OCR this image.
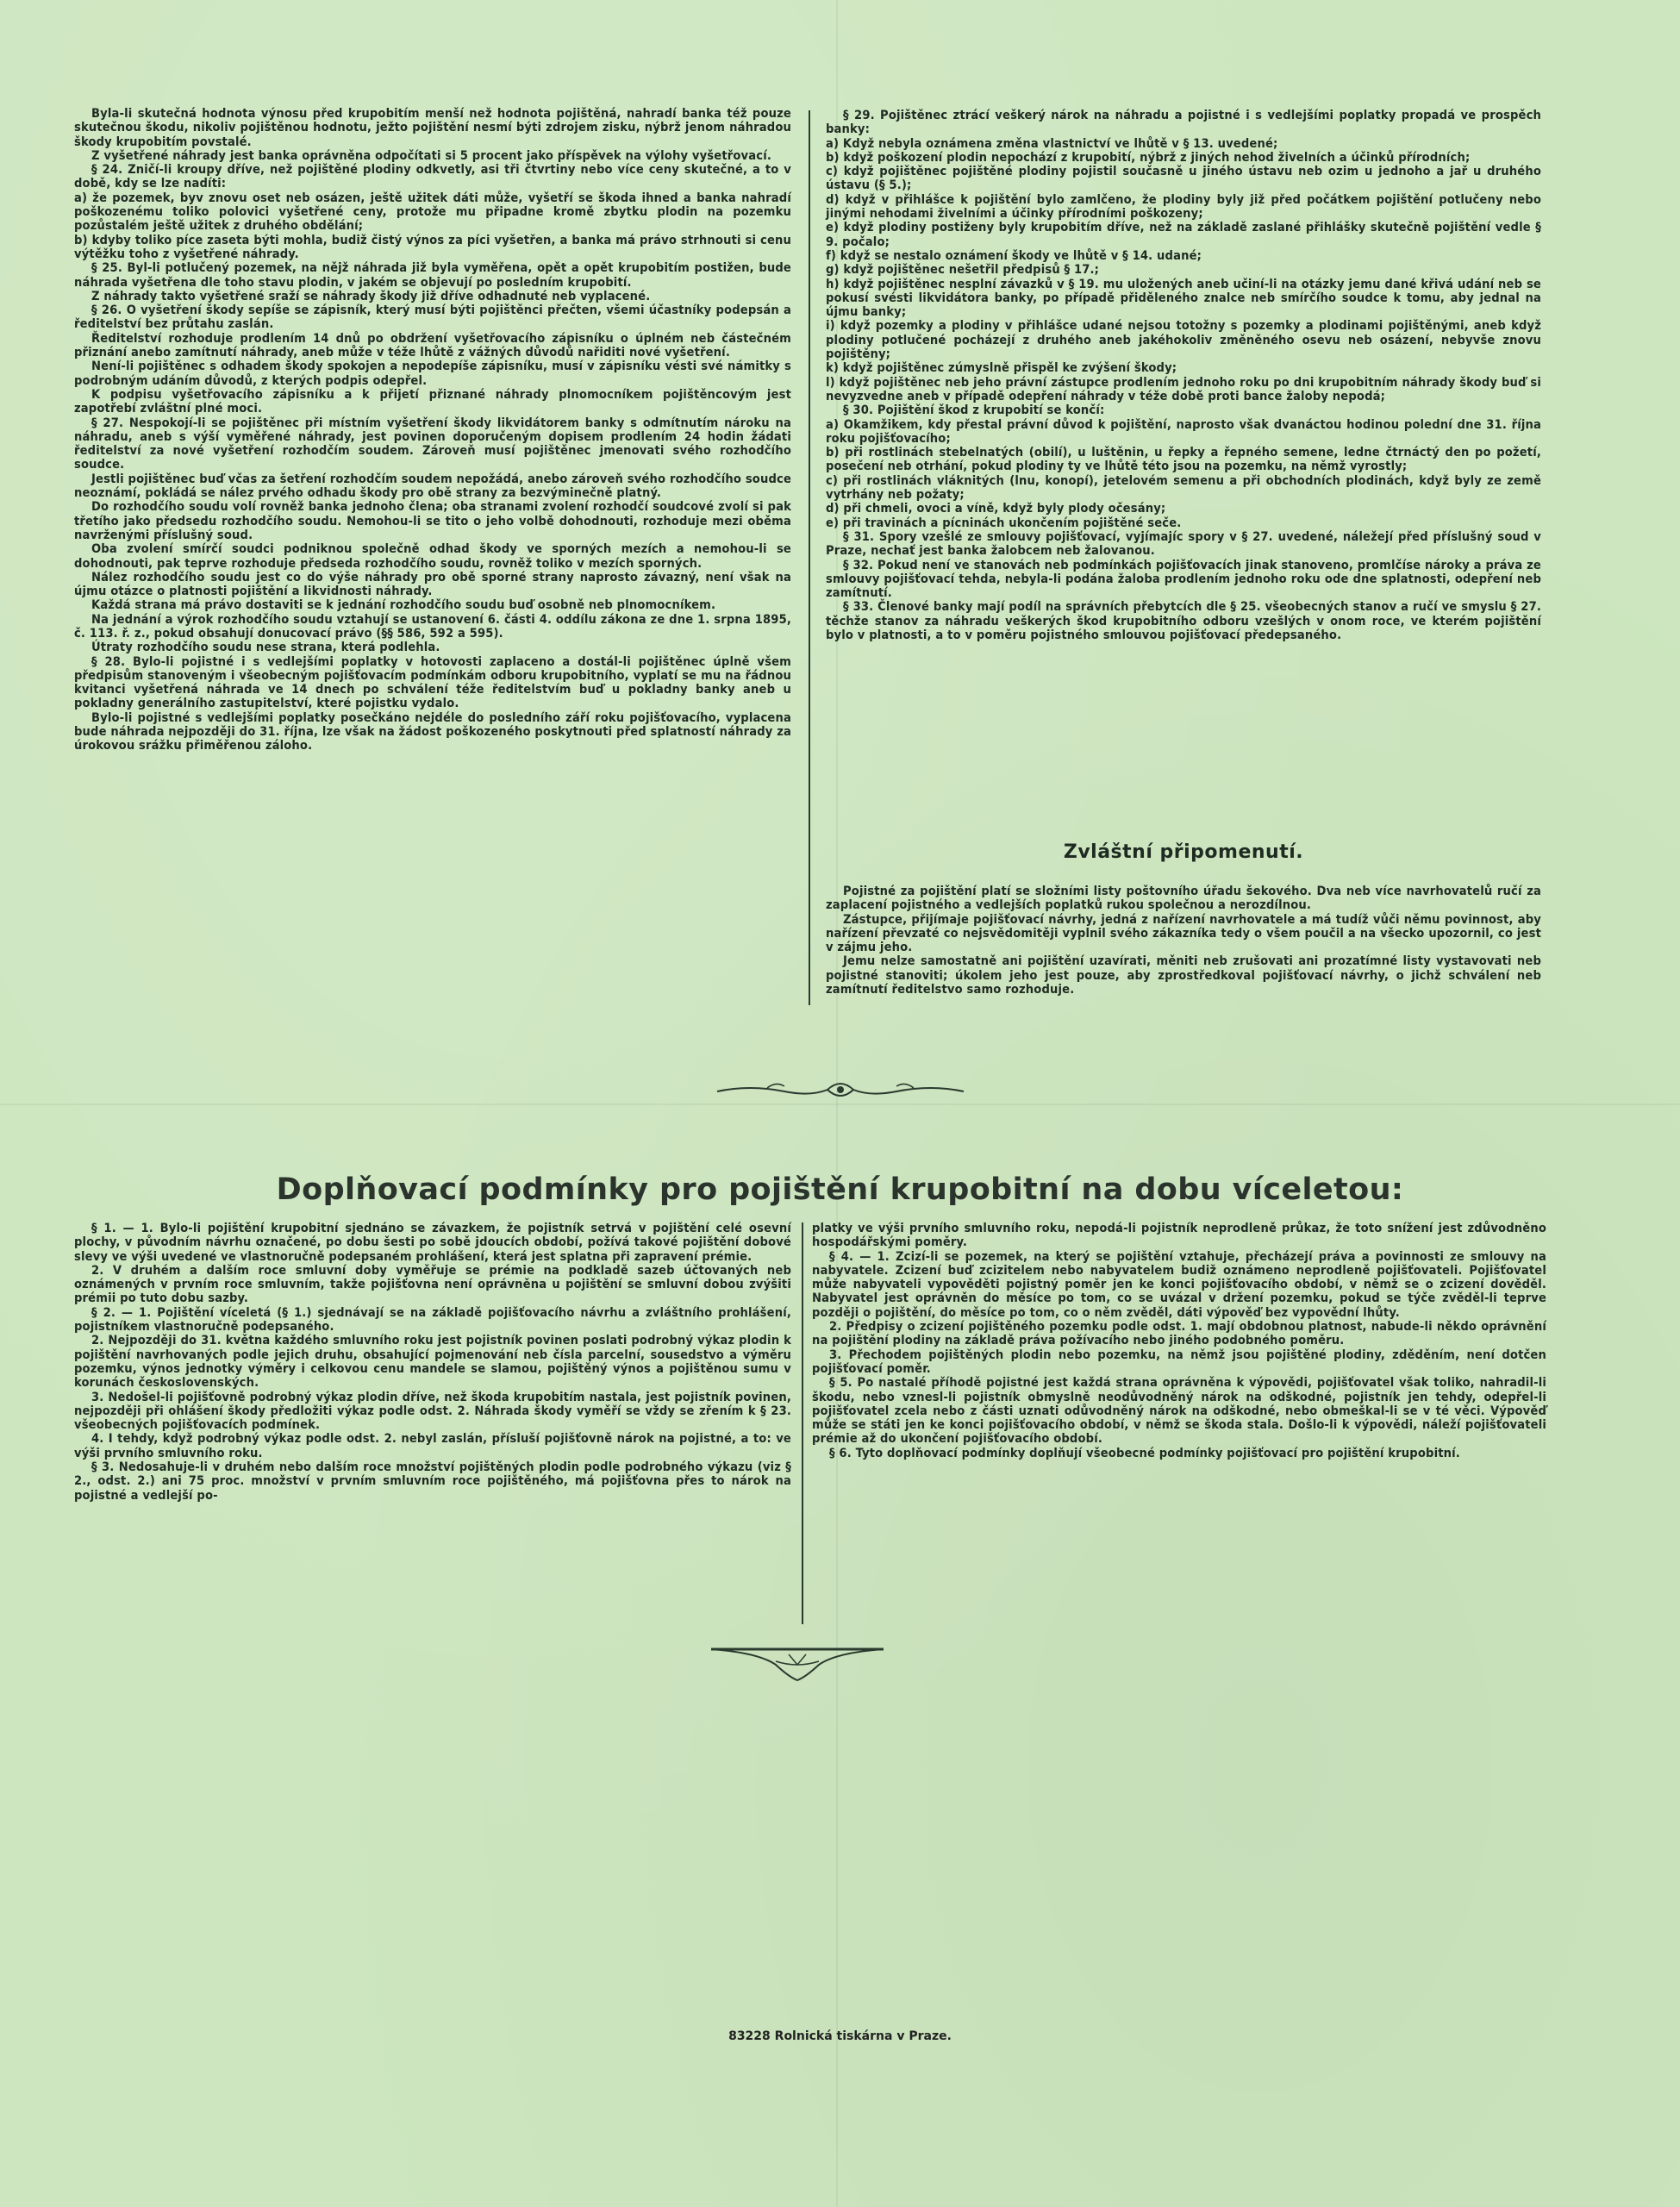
Byla-li skutečná hodnota výnosu před krupobitím menší než hodnota pojištěná, nahradí banka též pouze skutečnou škodu, nikoliv pojištěnou hodnotu, ježto pojištění nesmí býti zdrojem zisku, nýbrž jenom náhradou škody krupobitím povstalé.

Z vyšetřené náhrady jest banka oprávněna odpočítati si 5 procent jako příspěvek na výlohy vyšetřovací.

§ 24. Zničí-li kroupy dříve, než pojištěné plodiny odkvetly, asi tři čtvrtiny nebo více ceny skutečné, a to v době, kdy se lze nadíti:

a) že pozemek, byv znovu oset neb osázen, ještě užitek dáti může, vyšetří se škoda ihned a banka nahradí poškozenému toliko polovici vyšetřené ceny, protože mu připadne kromě zbytku plodin na pozemku pozůstalém ještě užitek z druhého obdělání;

b) kdyby toliko píce zaseta býti mohla, budiž čistý výnos za píci vyšetřen, a banka má právo strhnouti si cenu výtěžku toho z vyšetřené náhrady.

§ 25. Byl-li potlučený pozemek, na nějž náhrada již byla vyměřena, opět a opět krupobitím postižen, bude náhrada vyšetřena dle toho stavu plodin, v jakém se objevují po posledním krupobití.

Z náhrady takto vyšetřené sraží se náhrady škody již dříve odhadnuté neb vyplacené.

§ 26. O vyšetření škody sepíše se zápisník, který musí býti pojištěnci přečten, všemi účastníky podepsán a ředitelství bez průtahu zaslán.

Ředitelství rozhoduje prodlením 14 dnů po obdržení vyšetřovacího zápisníku o úplném neb částečném přiznání anebo zamítnutí náhrady, aneb může v téže lhůtě z vážných důvodů nařiditi nové vyšetření.

Není-li pojištěnec s odhadem škody spokojen a nepodepíše zápisníku, musí v zápisníku vésti své námitky s podrobným udáním důvodů, z kterých podpis odepřel.

K podpisu vyšetřovacího zápisníku a k přijetí přiznané náhrady plnomocníkem pojištěncovým jest zapotřebí zvláštní plné moci.

§ 27. Nespokojí-li se pojištěnec při místním vyšetření škody likvidátorem banky s odmítnutím nároku na náhradu, aneb s výší vyměřené náhrady, jest povinen doporučeným dopisem prodlením 24 hodin žádati ředitelství za nové vyšetření rozhodčím soudem. Zároveň musí pojištěnec jmenovati svého rozhodčího soudce.

Jestli pojištěnec buď včas za šetření rozhodčím soudem nepožádá, anebo zároveň svého rozhodčího soudce neoznámí, pokládá se nález prvého odhadu škody pro obě strany za bezvýminečně platný.

Do rozhodčího soudu volí rovněž banka jednoho člena; oba stranami zvolení rozhodčí soudcové zvolí si pak třetího jako předsedu rozhodčího soudu. Nemohou-li se tito o jeho volbě dohodnouti, rozhoduje mezi oběma navrženými příslušný soud.

Oba zvolení smírčí soudci podniknou společně odhad škody ve sporných mezích a nemohou-li se dohodnouti, pak teprve rozhoduje předseda rozhodčího soudu, rovněž toliko v mezích sporných.

Nález rozhodčího soudu jest co do výše náhrady pro obě sporné strany naprosto závazný, není však na újmu otázce o platnosti pojištění a likvidnosti náhrady.

Každá strana má právo dostaviti se k jednání rozhodčího soudu buď osobně neb plnomocníkem.

Na jednání a výrok rozhodčího soudu vztahují se ustanovení 6. části 4. oddílu zákona ze dne 1. srpna 1895, č. 113. ř. z., pokud obsahují donucovací právo (§§ 586, 592 a 595).

Útraty rozhodčího soudu nese strana, která podlehla.

§ 28. Bylo-li pojistné i s vedlejšími poplatky v hotovosti zaplaceno a dostál-li pojištěnec úplně všem předpisům stanoveným i všeobecným pojišťovacím podmínkám odboru krupobitního, vyplatí se mu na řádnou kvitanci vyšetřená náhrada ve 14 dnech po schválení téže ředitelstvím buď u pokladny banky aneb u pokladny generálního zastupitelství, které pojistku vydalo.

Bylo-li pojistné s vedlejšími poplatky posečkáno nejdéle do posledního září roku pojišťovacího, vyplacena bude náhrada nejpozději do 31. října, lze však na žádost poškozeného poskytnouti před splatností náhrady za úrokovou srážku přiměřenou záloho.

§ 29. Pojištěnec ztrácí veškerý nárok na náhradu a pojistné i s vedlejšími poplatky propadá ve prospěch banky:

a) Když nebyla oznámena změna vlastnictví ve lhůtě v § 13. uvedené;

b) když poškození plodin nepochází z krupobití, nýbrž z jiných nehod živelních a účinků přírodních;

c) když pojištěnec pojištěné plodiny pojistil současně u jiného ústavu neb ozim u jednoho a jař u druhého ústavu (§ 5.);

d) když v přihlášce k pojištění bylo zamlčeno, že plodiny byly již před počátkem pojištění potlučeny nebo jinými nehodami živelními a účinky přírodními poškozeny;

e) když plodiny postiženy byly krupobitím dříve, než na základě zaslané přihlášky skutečně pojištění vedle § 9. počalo;

f) když se nestalo oznámení škody ve lhůtě v § 14. udané;

g) když pojištěnec nešetřil předpisů § 17.;

h) když pojištěnec nesplní závazků v § 19. mu uložených aneb učiní-li na otázky jemu dané křivá udání neb se pokusí svésti likvidátora banky, po případě přiděleného znalce neb smírčího soudce k tomu, aby jednal na újmu banky;

i) když pozemky a plodiny v přihlášce udané nejsou totožny s pozemky a plodinami pojištěnými, aneb když plodiny potlučené pocházejí z druhého aneb jakéhokoliv změněného osevu neb osázení, nebyvše znovu pojištěny;

k) když pojištěnec zúmyslně přispěl ke zvýšení škody;

l) když pojištěnec neb jeho právní zástupce prodlením jednoho roku po dni krupobitním náhrady škody buď si nevyzvedne aneb v případě odepření náhrady v téže době proti bance žaloby nepodá;

§ 30. Pojištění škod z krupobití se končí:

a) Okamžikem, kdy přestal právní důvod k pojištění, naprosto však dvanáctou hodinou polední dne 31. října roku pojišťovacího;

b) při rostlinách stebelnatých (obilí), u luštěnin, u řepky a řepného semene, ledne čtrnáctý den po požetí, posečení neb otrhání, pokud plodiny ty ve lhůtě této jsou na pozemku, na němž vyrostly;

c) při rostlinách vláknitých (lnu, konopí), jetelovém semenu a při obchodních plodinách, když byly ze země vytrhány neb požaty;

d) při chmeli, ovoci a víně, když byly plody očesány;

e) při travinách a pícninách ukončením pojištěné seče.

§ 31. Spory vzešlé ze smlouvy pojišťovací, vyjímajíc spory v § 27. uvedené, náležejí před příslušný soud v Praze, nechať jest banka žalobcem neb žalovanou.

§ 32. Pokud není ve stanovách neb podmínkách pojišťovacích jinak stanoveno, promlčíse nároky a práva ze smlouvy pojišťovací tehda, nebyla-li podána žaloba prodlením jednoho roku ode dne splatnosti, odepření neb zamítnutí.

§ 33. Členové banky mají podíl na správních přebytcích dle § 25. všeobecných stanov a ručí ve smyslu § 27. těchže stanov za náhradu veškerých škod krupobitního odboru vzešlých v onom roce, ve kterém pojištění bylo v platnosti, a to v poměru pojistného smlouvou pojišťovací předepsaného.

Zvláštní připomenutí.

Pojistné za pojištění platí se složními listy poštovního úřadu šekového. Dva neb více navrhovatelů ručí za zaplacení pojistného a vedlejších poplatků rukou společnou a nerozdílnou.

Zástupce, přijímaje pojišťovací návrhy, jedná z nařízení navrhovatele a má tudíž vůči němu povinnost, aby nařízení převzaté co nejsvědomitěji vyplnil svého zákazníka tedy o všem poučil a na všecko upozornil, co jest v zájmu jeho.

Jemu nelze samostatně ani pojištění uzavírati, měniti neb zrušovati ani prozatímné listy vystavovati neb pojistné stanoviti; úkolem jeho jest pouze, aby zprostředkoval pojišťovací návrhy, o jichž schválení neb zamítnutí ředitelstvo samo rozhoduje.

Doplňovací podmínky pro pojištění krupobitní na dobu víceletou:

§ 1. — 1. Bylo-li pojištění krupobitní sjednáno se závazkem, že pojistník setrvá v pojištění celé osevní plochy, v původním návrhu označené, po dobu šesti po sobě jdoucích období, požívá takové pojištění dobové slevy ve výši uvedené ve vlastnoručně podepsaném prohlášení, která jest splatna při zapravení prémie.

2. V druhém a dalším roce smluvní doby vyměřuje se prémie na podkladě sazeb účtovaných neb oznámených v prvním roce smluvním, takže pojišťovna není oprávněna u pojištění se smluvní dobou zvýšiti prémii po tuto dobu sazby.

§ 2. — 1. Pojištění víceletá (§ 1.) sjednávají se na základě pojišťovacího návrhu a zvláštního prohlášení, pojistníkem vlastnoručně podepsaného.

2. Nejpozději do 31. května každého smluvního roku jest pojistník povinen poslati podrobný výkaz plodin k pojištění navrhovaných podle jejich druhu, obsahující pojmenování neb čísla parcelní, sousedstvo a výměru pozemku, výnos jednotky výměry i celkovou cenu mandele se slamou, pojištěný výnos a pojištěnou sumu v korunách československých.

3. Nedošel-li pojišťovně podrobný výkaz plodin dříve, než škoda krupobitím nastala, jest pojistník povinen, nejpozději při ohlášení škody předložiti výkaz podle odst. 2. Náhrada škody vyměří se vždy se zřením k § 23. všeobecných pojišťovacích podmínek.

4. I tehdy, když podrobný výkaz podle odst. 2. nebyl zaslán, přísluší pojišťovně nárok na pojistné, a to: ve výši prvního smluvního roku.

§ 3. Nedosahuje-li v druhém nebo dalším roce množství pojištěných plodin podle podrobného výkazu (viz § 2., odst. 2.) ani 75 proc. množství v prvním smluvním roce pojištěného, má pojišťovna přes to nárok na pojistné a vedlejší po-

platky ve výši prvního smluvního roku, nepodá-li pojistník neprodleně průkaz, že toto snížení jest zdůvodněno hospodářskými poměry.

§ 4. — 1. Zcizí-li se pozemek, na který se pojištění vztahuje, přecházejí práva a povinnosti ze smlouvy na nabyvatele. Zcizení buď zcizitelem nebo nabyvatelem budiž oznámeno neprodleně pojišťovateli. Pojišťovatel může nabyvateli vypověděti pojistný poměr jen ke konci pojišťovacího období, v němž se o zcizení dověděl. Nabyvatel jest oprávněn do měsíce po tom, co se uvázal v držení pozemku, pokud se týče zvěděl-li teprve později o pojištění, do měsíce po tom, co o něm zvěděl, dáti výpověď bez vypovědní lhůty.

2. Předpisy o zcizení pojištěného pozemku podle odst. 1. mají obdobnou platnost, nabude-li někdo oprávnění na pojištění plodiny na základě práva požívacího nebo jiného podobného poměru.

3. Přechodem pojištěných plodin nebo pozemku, na němž jsou pojištěné plodiny, zděděním, není dotčen pojišťovací poměr.

§ 5. Po nastalé příhodě pojistné jest každá strana oprávněna k výpovědi, pojišťovatel však toliko, nahradil-li škodu, nebo vznesl-li pojistník obmyslně neodůvodněný nárok na odškodné, pojistník jen tehdy, odepřel-li pojišťovatel zcela nebo z části uznati odůvodněný nárok na odškodné, nebo obmeškal-li se v té věci. Výpověď může se státi jen ke konci pojišťovacího období, v němž se škoda stala. Došlo-li k výpovědi, náleží pojišťovateli prémie až do ukončení pojišťovacího období.

§ 6. Tyto doplňovací podmínky doplňují všeobecné podmínky pojišťovací pro pojištění krupobitní.

83228 Rolnická tiskárna v Praze.
